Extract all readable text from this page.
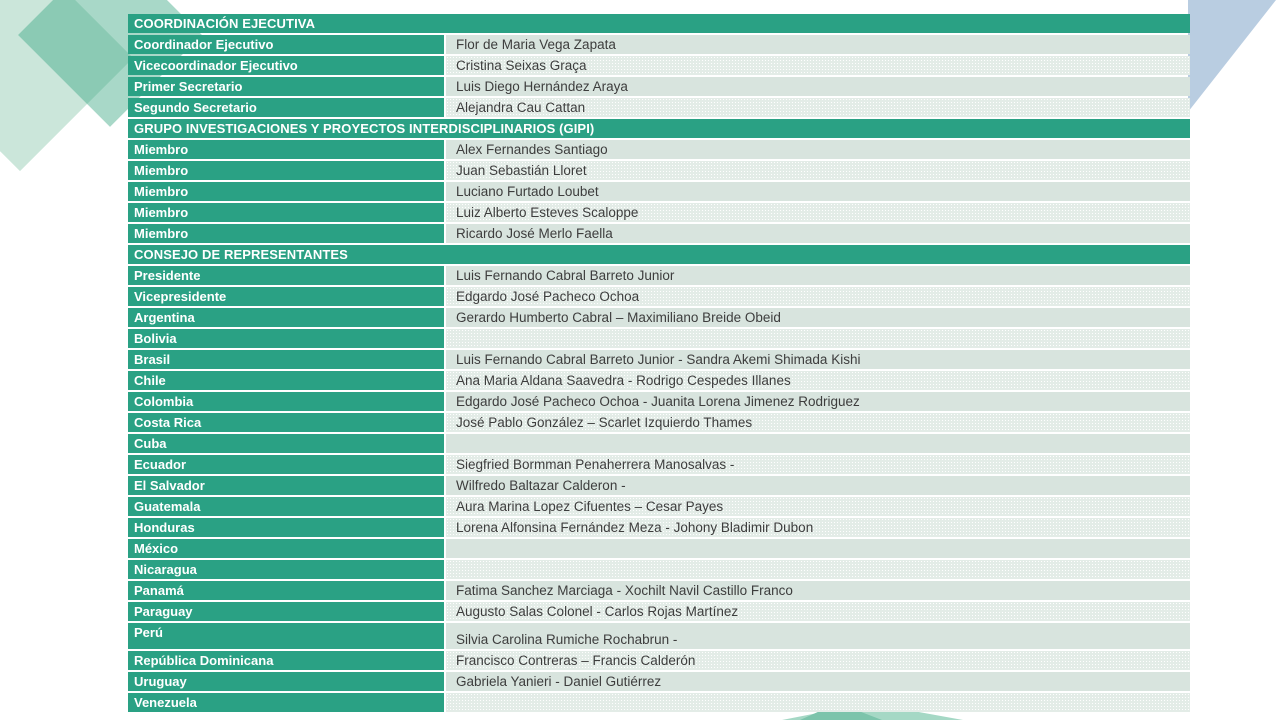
COORDINACIÓN EJECUTIVA
Coordinador Ejecutivo	Flor de Maria Vega Zapata
Vicecoordinador Ejecutivo	Cristina Seixas Graça
Primer Secretario	Luis Diego Hernández Araya
Segundo Secretario	Alejandra Cau Cattan
GRUPO INVESTIGACIONES Y PROYECTOS INTERDISCIPLINARIOS (GIPI)
Miembro	Alex Fernandes Santiago
Miembro	Juan Sebastián Lloret
Miembro	Luciano Furtado Loubet
Miembro	Luiz Alberto Esteves Scaloppe
Miembro	Ricardo José Merlo Faella
CONSEJO DE REPRESENTANTES
Presidente	Luis Fernando Cabral Barreto Junior
Vicepresidente	Edgardo José Pacheco Ochoa
Argentina	Gerardo Humberto Cabral – Maximiliano Breide Obeid
Bolivia
Brasil	Luis Fernando Cabral Barreto Junior - Sandra Akemi Shimada Kishi
Chile	Ana Maria Aldana Saavedra - Rodrigo Cespedes Illanes
Colombia	Edgardo José Pacheco Ochoa - Juanita Lorena Jimenez Rodriguez
Costa Rica	José Pablo González – Scarlet Izquierdo Thames
Cuba
Ecuador	Siegfried Bormman Penaherrera Manosalvas -
El Salvador	Wilfredo Baltazar Calderon -
Guatemala	Aura Marina Lopez Cifuentes – Cesar Payes
Honduras	Lorena Alfonsina Fernández Meza - Johony Bladimir Dubon
México
Nicaragua
Panamá	Fatima Sanchez Marciaga - Xochilt Navil Castillo Franco
Paraguay	Augusto Salas Colonel - Carlos Rojas Martínez
Perú	Silvia Carolina Rumiche Rochabrun -
República Dominicana	Francisco Contreras – Francis Calderón
Uruguay	Gabriela Yanieri - Daniel Gutiérrez
Venezuela
